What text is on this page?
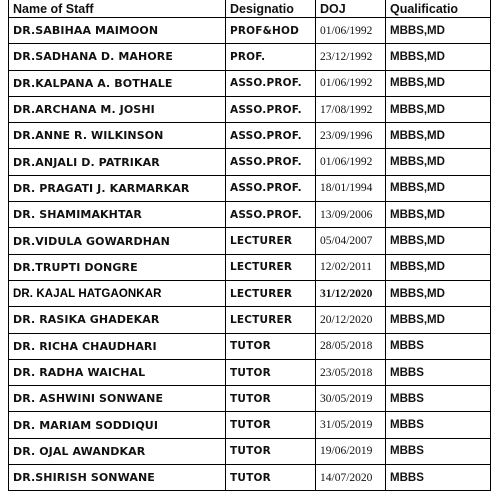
Name of Staff	Designatio	DOJ	Qualificatio
DR.SABIHAA MAIMOON	PROF&HOD	01/06/1992	MBBS,MD
DR.SADHANA D. MAHORE	PROF.	23/12/1992	MBBS,MD
DR.KALPANA A. BOTHALE	ASSO.PROF.	01/06/1992	MBBS,MD
DR.ARCHANA M. JOSHI	ASSO.PROF.	17/08/1992	MBBS,MD
DR.ANNE R. WILKINSON	ASSO.PROF.	23/09/1996	MBBS,MD
DR.ANJALI D. PATRIKAR	ASSO.PROF.	01/06/1992	MBBS,MD
DR. PRAGATI J. KARMARKAR	ASSO.PROF.	18/01/1994	MBBS,MD
DR. SHAMIMAKHTAR	ASSO.PROF.	13/09/2006	MBBS,MD
DR.VIDULA GOWARDHAN	LECTURER	05/04/2007	MBBS,MD
DR.TRUPTI DONGRE	LECTURER	12/02/2011	MBBS,MD
DR. KAJAL HATGAONKAR	LECTURER	31/12/2020	MBBS,MD
DR. RASIKA GHADEKAR	LECTURER	20/12/2020	MBBS,MD
DR. RICHA CHAUDHARI	TUTOR	28/05/2018	MBBS
DR. RADHA WAICHAL	TUTOR	23/05/2018	MBBS
DR. ASHWINI SONWANE	TUTOR	30/05/2019	MBBS
DR. MARIAM SODDIQUI	TUTOR	31/05/2019	MBBS
DR. OJAL AWANDKAR	TUTOR	19/06/2019	MBBS
DR.SHIRISH SONWANE	TUTOR	14/07/2020	MBBS
